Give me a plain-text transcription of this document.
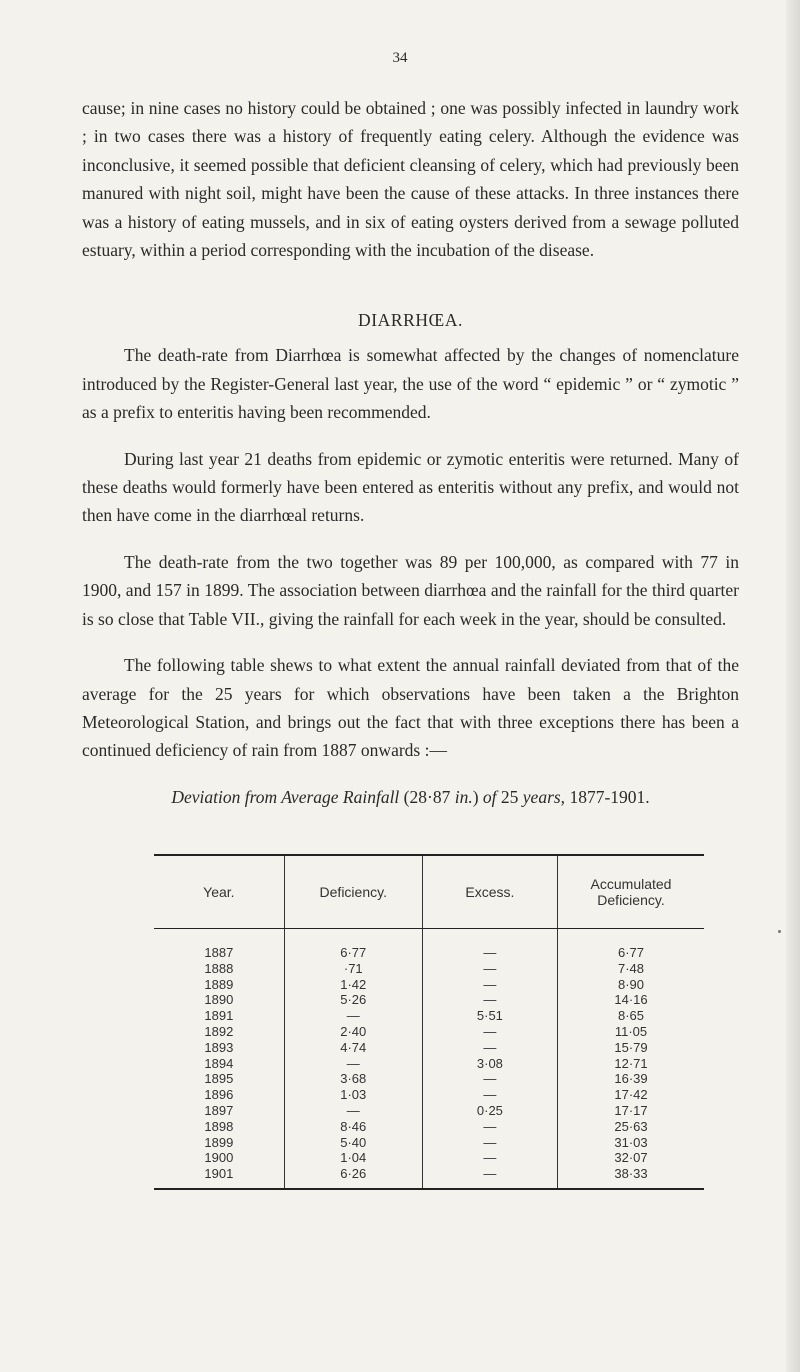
34

cause; in nine cases no history could be obtained ; one was possibly infected in laundry work ; in two cases there was a history of frequently eating celery. Although the evidence was inconclusive, it seemed possible that deficient cleansing of celery, which had previously been manured with night soil, might have been the cause of these attacks. In three instances there was a history of eating mussels, and in six of eating oysters derived from a sewage polluted estuary, within a period corresponding with the incubation of the disease.

DIARRHŒA.

The death-rate from Diarrhœa is somewhat affected by the changes of nomenclature introduced by the Register-General last year, the use of the word “ epidemic ” or “ zymotic ” as a prefix to enteritis having been recommended.

During last year 21 deaths from epidemic or zymotic enteritis were returned. Many of these deaths would formerly have been entered as enteritis without any prefix, and would not then have come in the diarrhœal returns.

The death-rate from the two together was 89 per 100,000, as compared with 77 in 1900, and 157 in 1899. The association between diarrhœa and the rainfall for the third quarter is so close that Table VII., giving the rainfall for each week in the year, should be consulted.

The following table shews to what extent the annual rainfall deviated from that of the average for the 25 years for which observations have been taken a the Brighton Meteorological Station, and brings out the fact that with three exceptions there has been a continued deficiency of rain from 1887 onwards :—

Deviation from Average Rainfall (28·87 in.) of 25 years, 1877-1901.
Year.	Deficiency.	Excess.	Accumulated
Deficiency.
1887	6·77	—	6·77
1888	·71	—	7·48
1889	1·42	—	8·90
1890	5·26	—	14·16
1891	—	5·51	8·65
1892	2·40	—	11·05
1893	4·74	—	15·79
1894	—	3·08	12·71
1895	3·68	—	16·39
1896	1·03	—	17·42
1897	—	0·25	17·17
1898	8·46	—	25·63
1899	5·40	—	31·03
1900	1·04	—	32·07
1901	6·26	—	38·33
